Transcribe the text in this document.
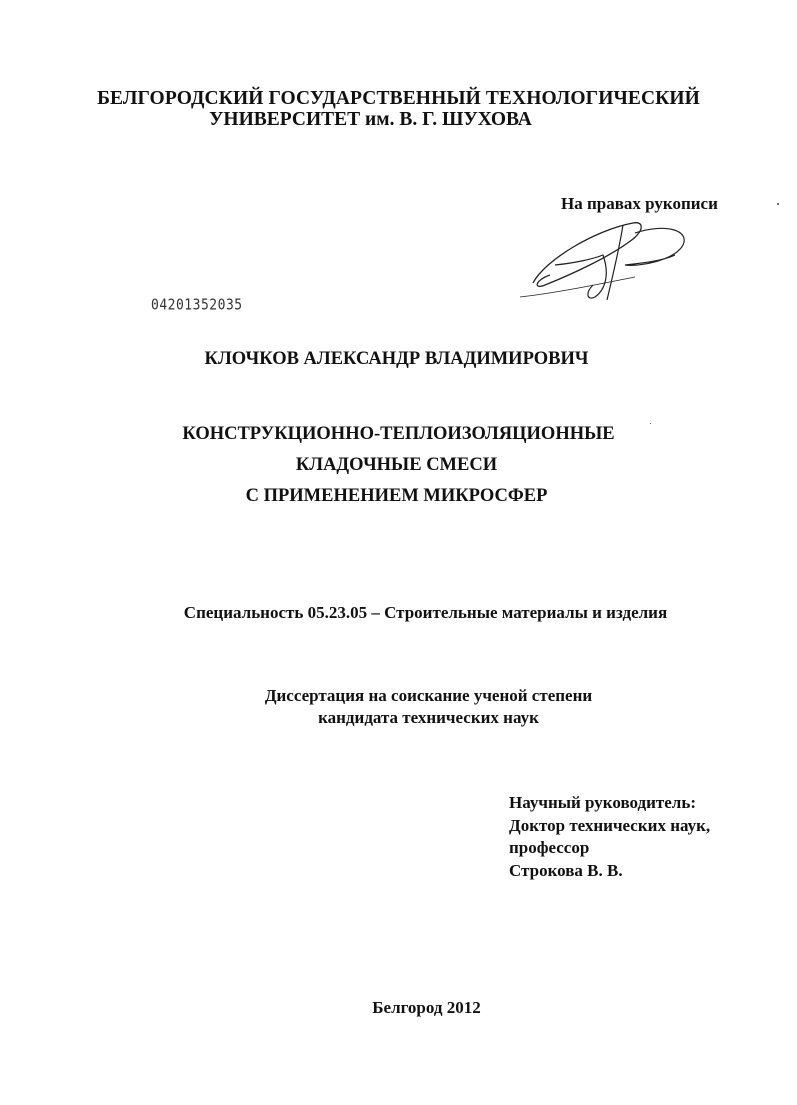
БЕЛГОРОДСКИЙ ГОСУДАРСТВЕННЫЙ ТЕХНОЛОГИЧЕСКИЙ
УНИВЕРСИТЕТ им. В. Г. ШУХОВА
На правах рукописи
04201352035
КЛОЧКОВ АЛЕКСАНДР ВЛАДИМИРОВИЧ
КОНСТРУКЦИОННО-ТЕПЛОИЗОЛЯЦИОННЫЕ
КЛАДОЧНЫЕ СМЕСИ
С ПРИМЕНЕНИЕМ МИКРОСФЕР
Специальность 05.23.05 – Строительные материалы и изделия
Диссертация на соискание ученой степени
кандидата технических наук
Научный руководитель:
Доктор технических наук,
профессор
Строкова В. В.
Белгород 2012
